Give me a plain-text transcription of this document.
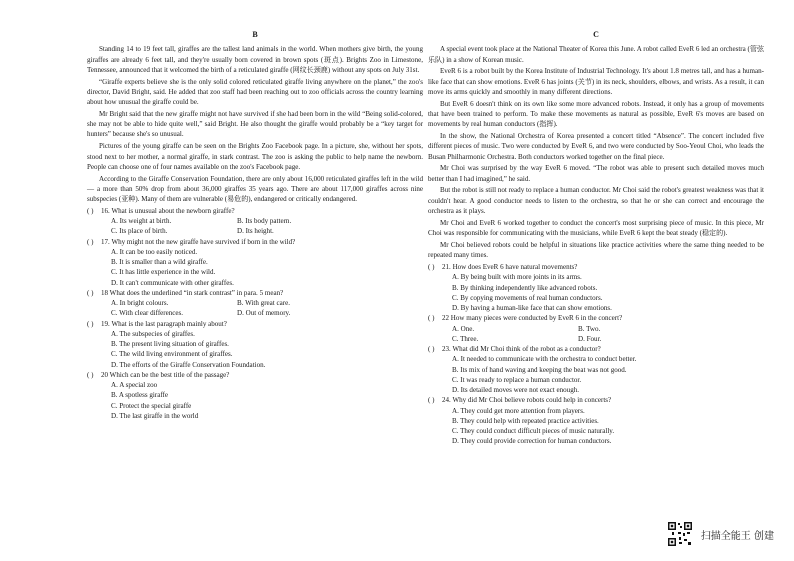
B

Standing 14 to 19 feet tall, giraffes are the tallest land animals in the world. When mothers give birth, the young giraffes are already 6 feet tall, and they're usually born covered in brown spots (斑点). Brights Zoo in Limestone, Tennessee, announced that it welcomed the birth of a reticulated giraffe (网纹长颈鹿) without any spots on July 31st.

“Giraffe experts believe she is the only solid colored reticulated giraffe living anywhere on the planet,” the zoo's director, David Bright, said. He added that zoo staff had been reaching out to zoo officials across the country learning about how unusual the giraffe could be.

Mr Bright said that the new giraffe might not have survived if she had been born in the wild “Being solid-colored, she may not be able to hide quite well,” said Bright. He also thought the giraffe would probably be a “key target for hunters” because she's so unusual.

Pictures of the young giraffe can be seen on the Brights Zoo Facebook page. In a picture, she, without her spots, stood next to her mother, a normal giraffe, in stark contrast. The zoo is asking the public to help name the newborn. People can choose one of four names available on the zoo's Facebook page.

According to the Giraffe Conservation Foundation, there are only about 16,000 reticulated giraffes left in the wild — a more than 50% drop from about 36,000 giraffes 35 years ago. There are about 117,000 giraffes across nine subspecies (亚种). Many of them are vulnerable (易危的), endangered or critically endangered.

( ) 16. What is unusual about the newborn giraffe?

A. Its weight at birth.	B. Its body pattern.
C. Its place of birth.	D. Its height.

( ) 17. Why might not the new giraffe have survived if born in the wild?

A. It can be too easily noticed.

B. It is smaller than a wild giraffe.

C. It has little experience in the wild.

D. It can't communicate with other giraffes.

( ) 18 What does the underlined “in stark contrast” in para. 5 mean?

A. In bright colours.	B. With great care.
C. With clear differences.	D. Out of memory.

( ) 19. What is the last paragraph mainly about?

A. The subspecies of giraffes.

B. The present living situation of giraffes.

C. The wild living environment of giraffes.

D. The efforts of the Giraffe Conservation Foundation.

( ) 20 Which can be the best title of the passage?

A. A special zoo

B. A spotless giraffe

C. Protect the special giraffe

D. The last giraffe in the world

C

A special event took place at the National Theater of Korea this June. A robot called EveR 6 led an orchestra (管弦乐队) in a show of Korean music.

EveR 6 is a robot built by the Korea Institute of Industrial Technology. It's about 1.8 metres tall, and has a human-like face that can show emotions. EveR 6 has joints (关节) in its neck, shoulders, elbows, and wrists. As a result, it can move its arms quickly and smoothly in many different directions.

But EveR 6 doesn't think on its own like some more advanced robots. Instead, it only has a group of movements that have been trained to perform. To make these movements as natural as possible, EveR 6's moves are based on movements by real human conductors (指挥).

In the show, the National Orchestra of Korea presented a concert titled “Absence”. The concert included five different pieces of music. Two were conducted by EveR 6, and two were conducted by Soo-Yeoul Choi, who leads the Busan Philharmonic Orchestra. Both conductors worked together on the final piece.

Mr Choi was surprised by the way EveR 6 moved. “The robot was able to present such detailed moves much better than I had imagined,” he said.

But the robot is still not ready to replace a human conductor. Mr Choi said the robot's greatest weakness was that it couldn't hear. A good conductor needs to listen to the orchestra, so that he or she can correct and encourage the orchestra as it plays.

Mr Choi and EveR 6 worked together to conduct the concert's most surprising piece of music. In this piece, Mr Choi was responsible for communicating with the musicians, while EveR 6 kept the beat steady (稳定的).

Mr Choi believed robots could be helpful in situations like practice activities where the same thing needed to be repeated many times.

( ) 21. How does EveR 6 have natural movements?

A. By being built with more joints in its arms.

B. By thinking independently like advanced robots.

C. By copying movements of real human conductors.

D. By having a human-like face that can show emotions.

( ) 22 How many pieces were conducted by EveR 6 in the concert?

A. One.	B. Two.
C. Three.	D. Four.

( ) 23. What did Mr Choi think of the robot as a conductor?

A. It needed to communicate with the orchestra to conduct better.

B. Its mix of hand waving and keeping the beat was not good.

C. It was ready to replace a human conductor.

D. Its detailed moves were not exact enough.

( ) 24. Why did Mr Choi believe robots could help in concerts?

A. They could get more attention from players.

B. They could help with repeated practice activities.

C. They could conduct difficult pieces of music naturally.

D. They could provide correction for human conductors.

扫描全能王 创建
